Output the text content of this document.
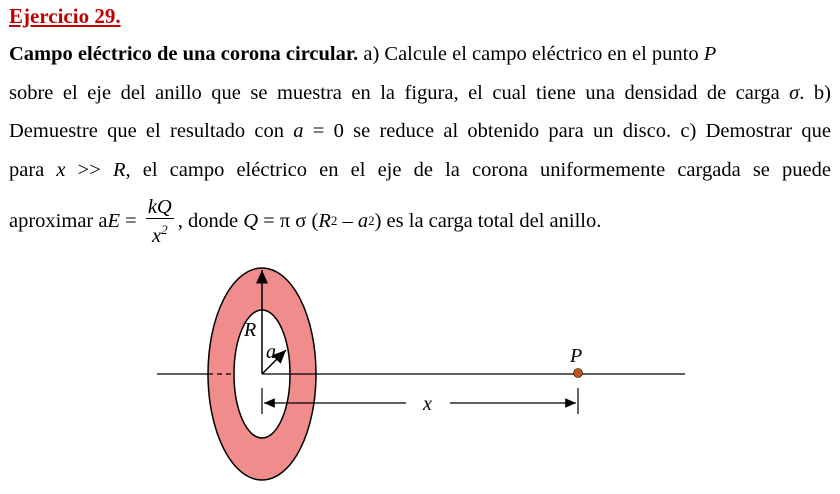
Ejercicio 29.
Campo eléctrico de una corona circular. a) Calcule el campo eléctrico en el punto P
sobre el eje del anillo que se muestra en la figura, el cual tiene una densidad de carga σ. b)
Demuestre que el resultado con a = 0 se reduce al obtenido para un disco. c) Demostrar que
para x >> R, el campo eléctrico en el eje de la corona uniformemente cargada se puede
aproximar a $E = \frac{kQ}{x^2}$ , donde Q = π σ ( R 2 – a 2 ) es la carga total del anillo.
R
a	P
x
